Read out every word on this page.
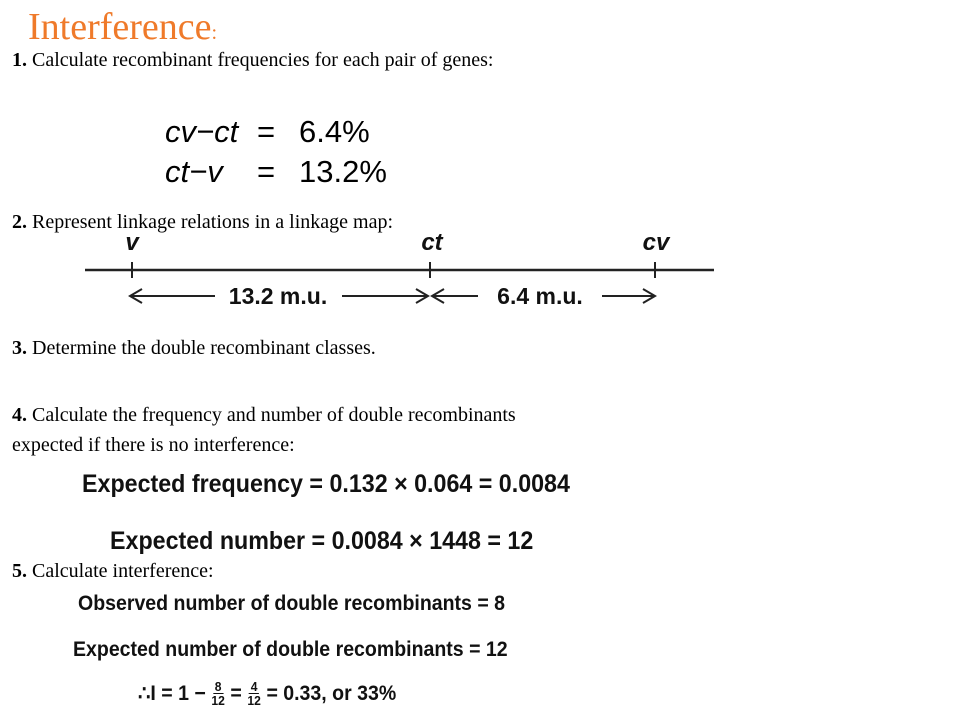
Interference:
1. Calculate recombinant frequencies for each pair of genes:
cv−ct = 6.4%
ct−v	= 13.2%
2. Represent linkage relations in a linkage map:
v	ct	cv
13.2 m.u.	6.4 m.u.
3. Determine the double recombinant classes.
4. Calculate the frequency and number of double recombinants
expected if there is no interference:
Expected frequency = 0.132 × 0.064 = 0.0084
Expected number = 0.0084 × 1448 = 12
5. Calculate interference:
Observed number of double recombinants = 8
Expected number of double recombinants = 12
∴I = $1 - \frac{8}{12} = \frac{4}{12} = 0.33$, or 33%
